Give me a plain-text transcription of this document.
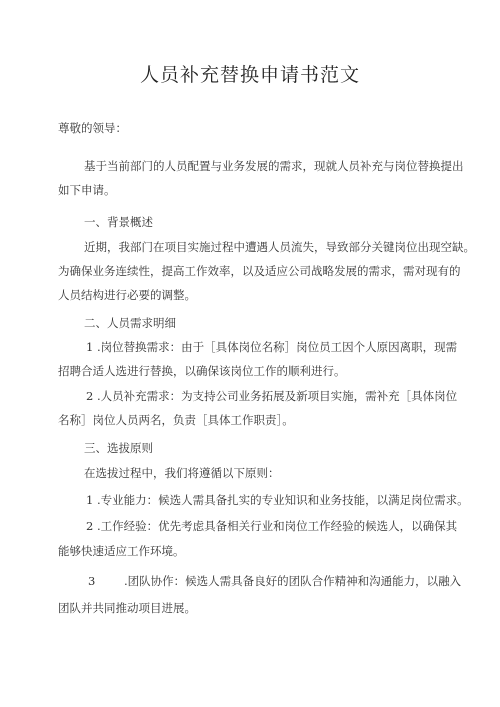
人员补充替换申请书范文
尊敬的领导：
基于当前部门的人员配置与业务发展的需求，现就人员补充与岗位替换提出
如下申请。
一、背景概述
近期，我部门在项目实施过程中遭遇人员流失，导致部分关键岗位出现空缺。
为确保业务连续性，提高工作效率，以及适应公司战略发展的需求，需对现有的
人员结构进行必要的调整。
二、人员需求明细
1 .岗位替换需求：由于［具体岗位名称］岗位员工因个人原因离职，现需
招聘合适人选进行替换，以确保该岗位工作的顺利进行。
2 .人员补充需求：为支持公司业务拓展及新项目实施，需补充［具体岗位
名称］岗位人员两名，负责［具体工作职责］。
三、选拔原则
在选拔过程中，我们将遵循以下原则：
1 .专业能力：候选人需具备扎实的专业知识和业务技能，以满足岗位需求。
2 .工作经验：优先考虑具备相关行业和岗位工作经验的候选人，以确保其
能够快速适应工作环境。
3 .团队协作：候选人需具备良好的团队合作精神和沟通能力，以融入
团队并共同推动项目进展。
